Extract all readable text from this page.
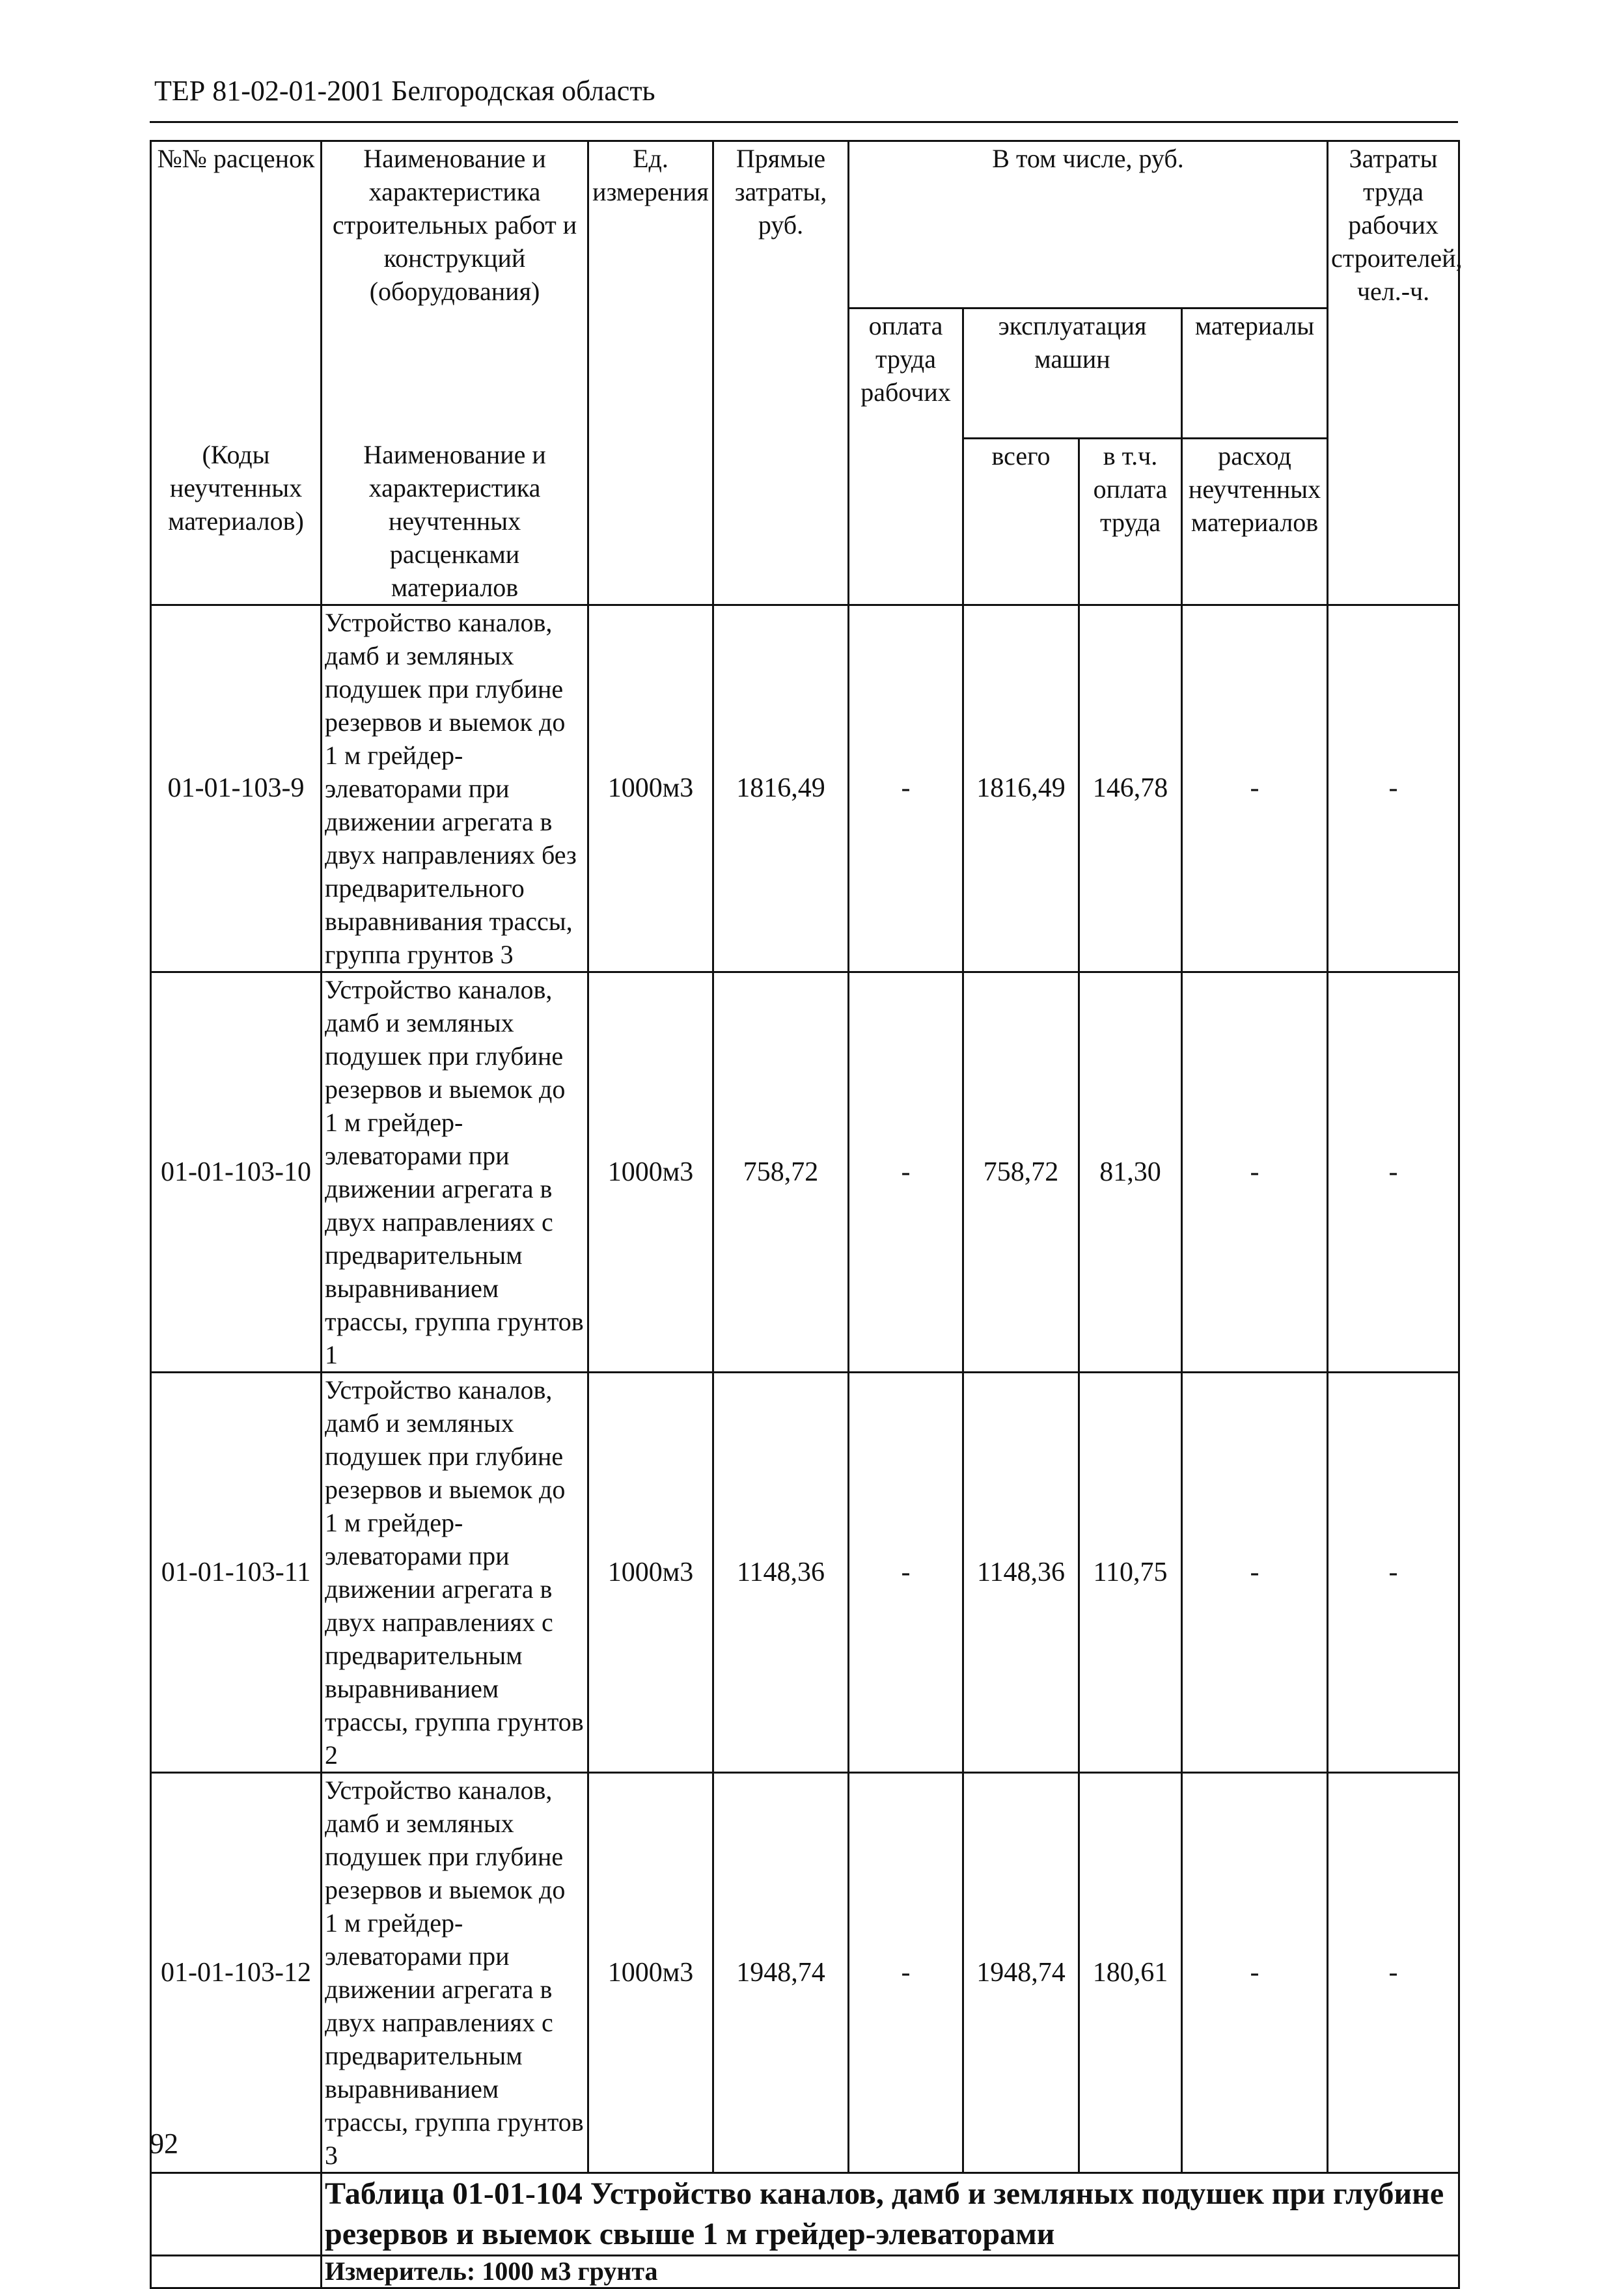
ТЕР 81-02-01-2001 Белгородская область
№№ расценок	Наименование и характеристика строительных работ и конструкций (оборудования)	Ед. измерения	Прямые затраты, руб.	В том числе, руб.				Затраты труда рабочих строителей, чел.-ч.
				оплата труда рабочих	эксплуатация машин		материалы	
(Коды неучтенных материалов)	Наименование и характеристика неучтенных расценками материалов				всего	в т.ч. оплата труда	расход неучтенных материалов	
01-01-103-9	Устройство каналов, дамб и земляных подушек при глубине резервов и выемок до 1 м грейдер-элеваторами при движении агрегата в двух направлениях без предварительного выравнивания трассы, группа грунтов 3	1000м3	1816,49	-	1816,49	146,78	-	-
01-01-103-10	Устройство каналов, дамб и земляных подушек при глубине резервов и выемок до 1 м грейдер-элеваторами при движении агрегата в двух направлениях с предварительным выравниванием трассы, группа грунтов 1	1000м3	758,72	-	758,72	81,30	-	-
01-01-103-11	Устройство каналов, дамб и земляных подушек при глубине резервов и выемок до 1 м грейдер-элеваторами при движении агрегата в двух направлениях с предварительным выравниванием трассы, группа грунтов 2	1000м3	1148,36	-	1148,36	110,75	-	-
01-01-103-12	Устройство каналов, дамб и земляных подушек при глубине резервов и выемок до 1 м грейдер-элеваторами при движении агрегата в двух направлениях с предварительным выравниванием трассы, группа грунтов 3	1000м3	1948,74	-	1948,74	180,61	-	-
	Таблица 01-01-104 Устройство каналов, дамб и земляных подушек при глубине резервов и выемок свыше 1 м грейдер-элеваторами							
	Измеритель: 1000 м3 грунта							
92
